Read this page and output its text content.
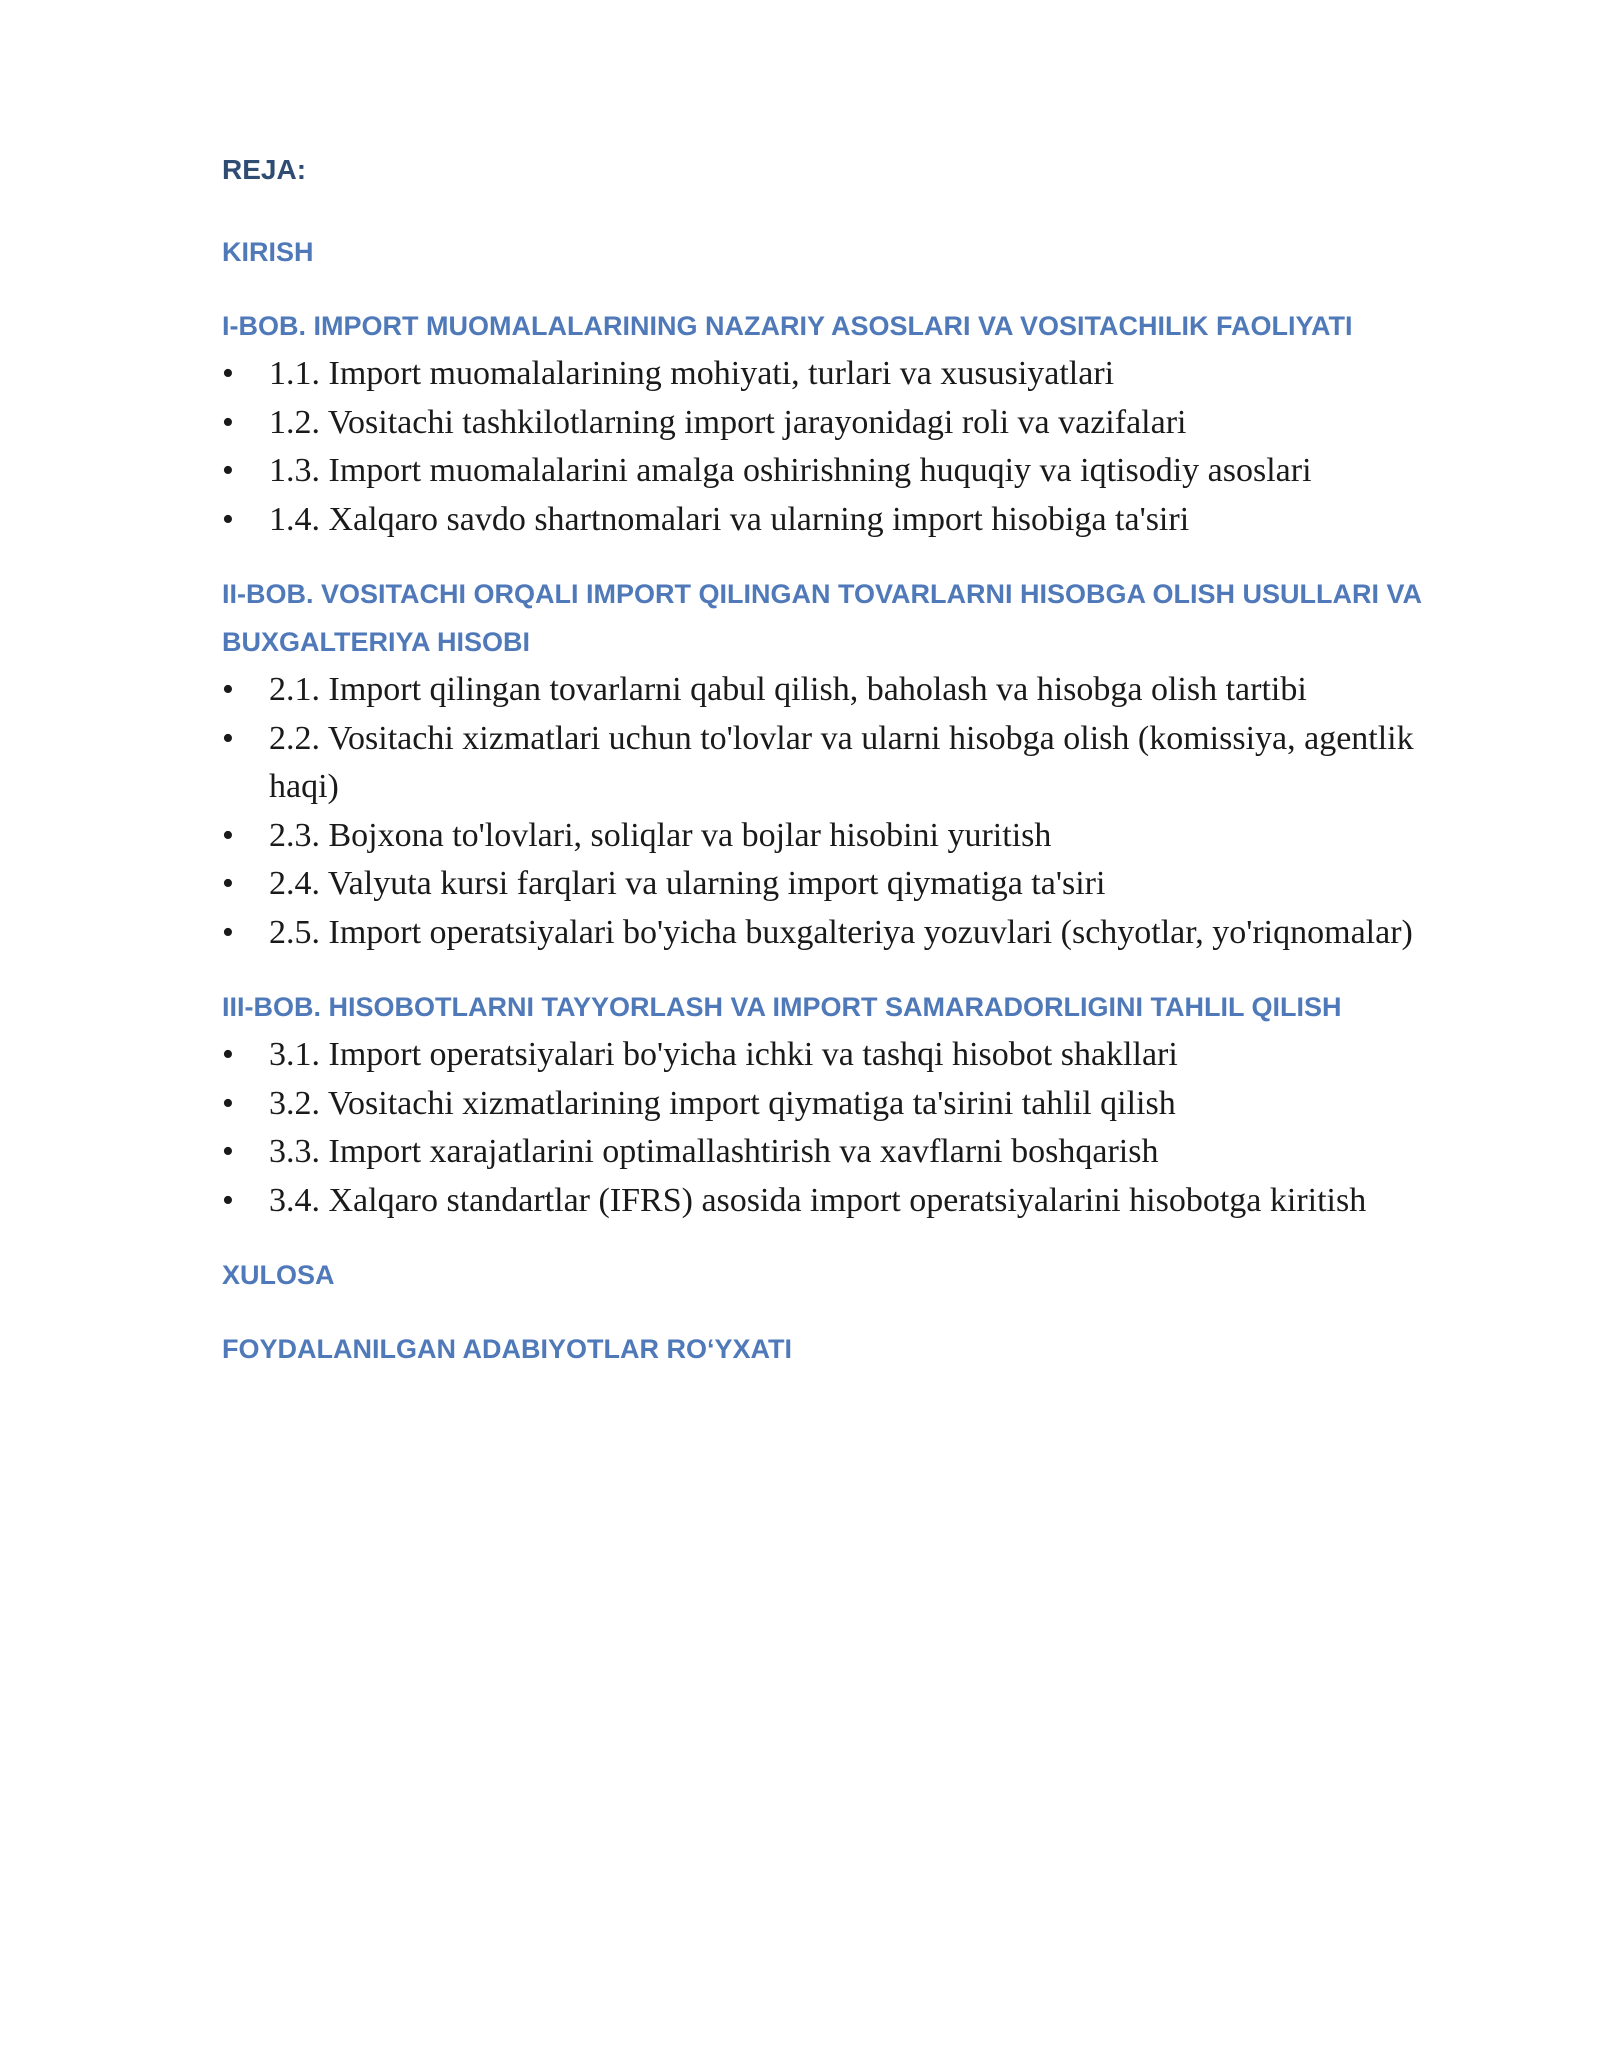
REJA:
KIRISH
I-BOB. IMPORT MUOMALALARINING NAZARIY ASOSLARI VA VOSITACHILIK FAOLIYATI
• 1.1. Import muomalalarining mohiyati, turlari va xususiyatlari
• 1.2. Vositachi tashkilotlarning import jarayonidagi roli va vazifalari
• 1.3. Import muomalalarini amalga oshirishning huquqiy va iqtisodiy asoslari
• 1.4. Xalqaro savdo shartnomalari va ularning import hisobiga ta'siri
II-BOB. VOSITACHI ORQALI IMPORT QILINGAN TOVARLARNI HISOBGA OLISH USULLARI VA BUXGALTERIYA HISOBI
• 2.1. Import qilingan tovarlarni qabul qilish, baholash va hisobga olish tartibi
• 2.2. Vositachi xizmatlari uchun to'lovlar va ularni hisobga olish (komissiya, agentlik haqi)
• 2.3. Bojxona to'lovlari, soliqlar va bojlar hisobini yuritish
• 2.4. Valyuta kursi farqlari va ularning import qiymatiga ta'siri
• 2.5. Import operatsiyalari bo'yicha buxgalteriya yozuvlari (schyotlar, yo'riqnomalar)
III-BOB. HISOBOTLARNI TAYYORLASH VA IMPORT SAMARADORLIGINI TAHLIL QILISH
• 3.1. Import operatsiyalari bo'yicha ichki va tashqi hisobot shakllari
• 3.2. Vositachi xizmatlarining import qiymatiga ta'sirini tahlil qilish
• 3.3. Import xarajatlarini optimallashtirish va xavflarni boshqarish
• 3.4. Xalqaro standartlar (IFRS) asosida import operatsiyalarini hisobotga kiritish
XULOSA
FOYDALANILGAN ADABIYOTLAR RO‘YXATI
